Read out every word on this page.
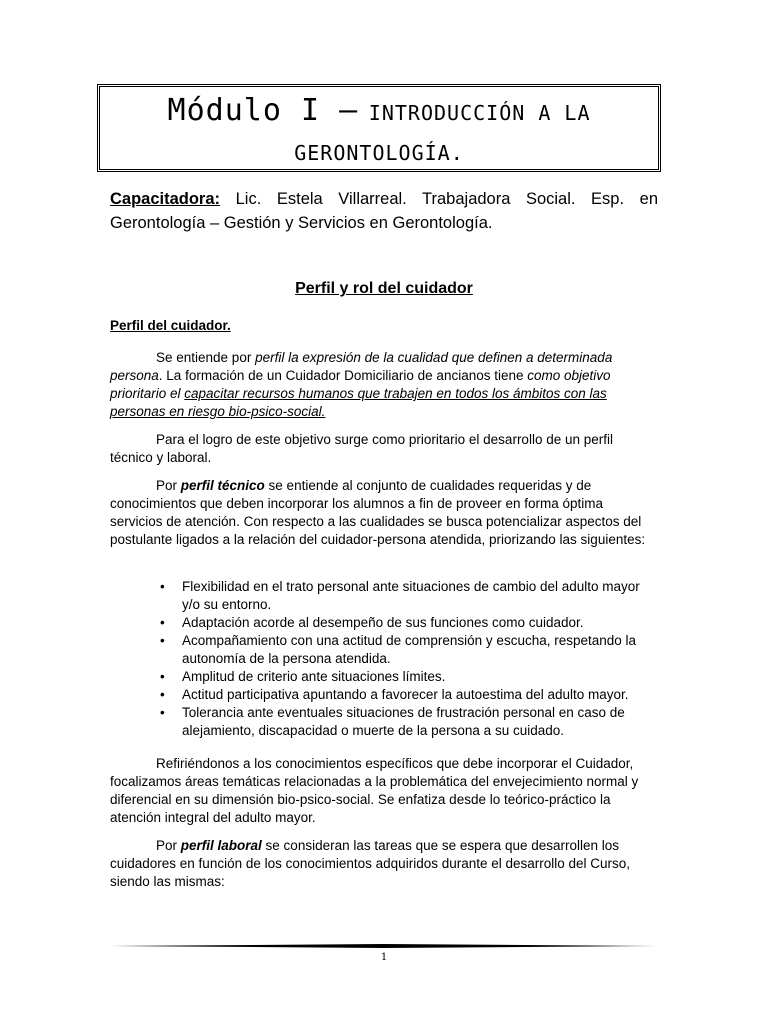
Módulo I – INTRODUCCIÓN A LA
GERONTOLOGÍA.
Capacitadora: Lic. Estela Villarreal. Trabajadora Social. Esp. en Gerontología – Gestión y Servicios en Gerontología.
Perfil y rol del cuidador
Perfil del cuidador.
Se entiende por perfil la expresión de la cualidad que definen a determinada persona. La formación de un Cuidador Domiciliario de ancianos tiene como objetivo prioritario el capacitar recursos humanos que trabajen en todos los ámbitos con las personas en riesgo bio-psico-social.
Para el logro de este objetivo surge como prioritario el desarrollo de un perfil técnico y laboral.
Por perfil técnico se entiende al conjunto de cualidades requeridas y de conocimientos que deben incorporar los alumnos a fin de proveer en forma óptima servicios de atención. Con respecto a las cualidades se busca potencializar aspectos del postulante ligados a la relación del cuidador-persona atendida, priorizando las siguientes:
• Flexibilidad en el trato personal ante situaciones de cambio del adulto mayor y/o su entorno.
• Adaptación acorde al desempeño de sus funciones como cuidador.
• Acompañamiento con una actitud de comprensión y escucha, respetando la autonomía de la persona atendida.
• Amplitud de criterio ante situaciones límites.
• Actitud participativa apuntando a favorecer la autoestima del adulto mayor.
• Tolerancia ante eventuales situaciones de frustración personal en caso de alejamiento, discapacidad o muerte de la persona a su cuidado.
Refiriéndonos a los conocimientos específicos que debe incorporar el Cuidador, focalizamos áreas temáticas relacionadas a la problemática del envejecimiento normal y diferencial en su dimensión bio-psico-social. Se enfatiza desde lo teórico-práctico la atención integral del adulto mayor.
Por perfil laboral se consideran las tareas que se espera que desarrollen los cuidadores en función de los conocimientos adquiridos durante el desarrollo del Curso, siendo las mismas:
1
